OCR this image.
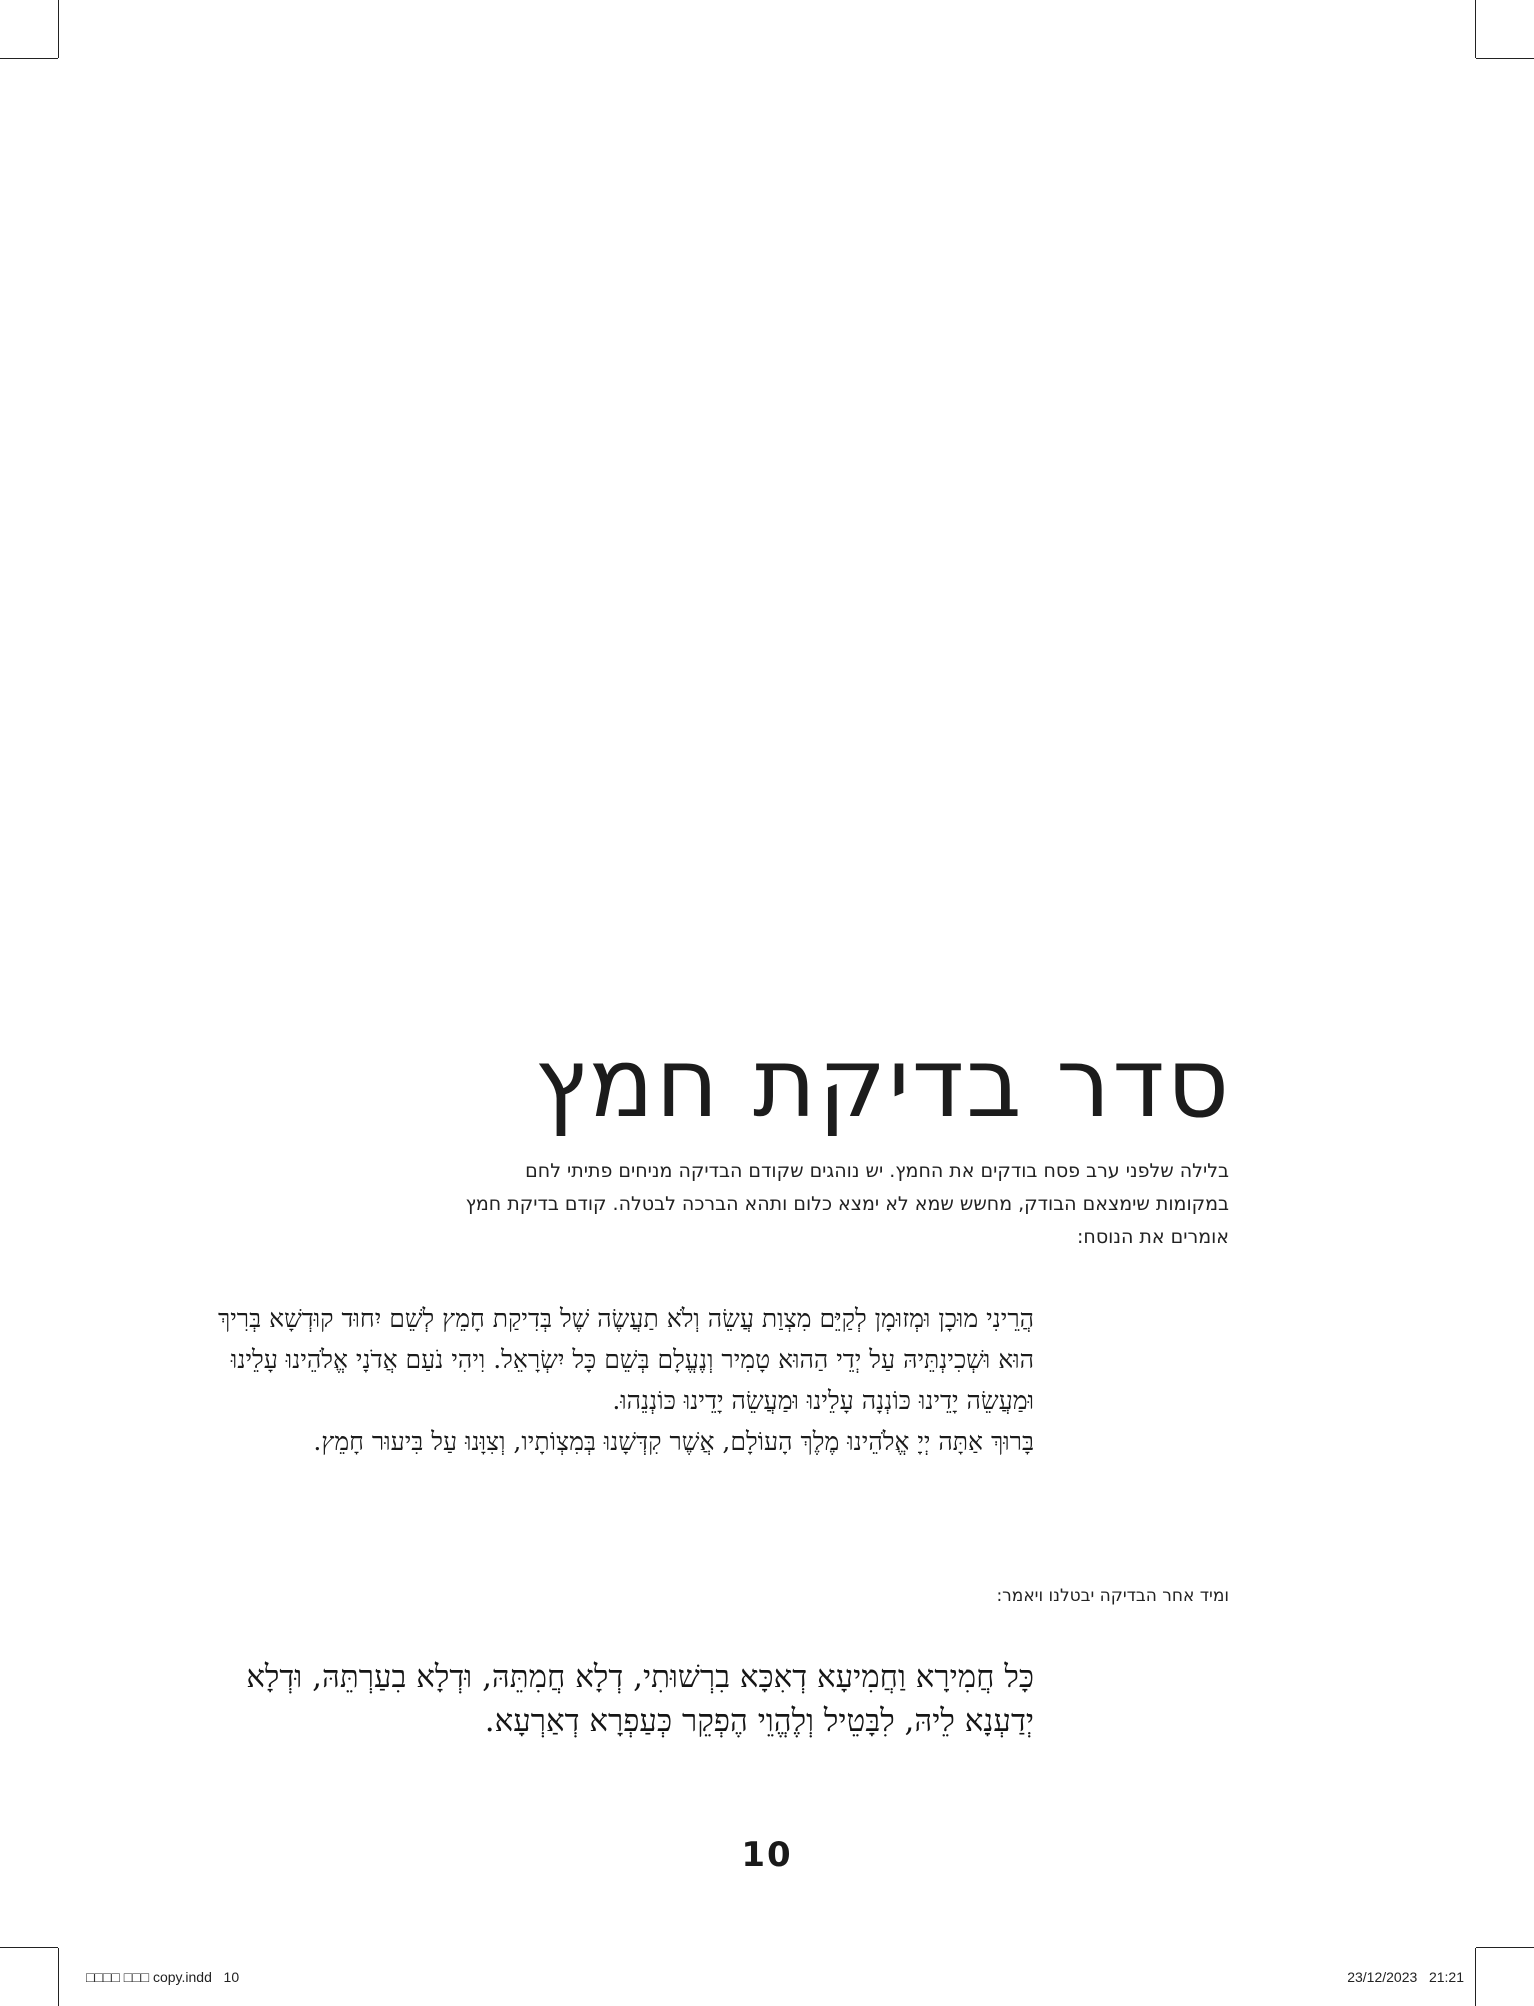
סדר בדיקת חמץ

בלילה שלפני ערב פסח בודקים את החמץ. יש נוהגים שקודם הבדיקה מניחים פתיתי לחם במקומות שימצאם הבודק, מחשש שמא לא ימצא כלום ותהא הברכה לבטלה. קודם בדיקת חמץ אומרים את הנוסח:

הֲרֵינִי מוּכָן וּמְזוּמָן לְקַיֵּם מִצְוַת עֲשֵׂה וְלֹא תַעֲשֶׂה שֶׁל בְּדִיקַת חָמֵץ לְשֵׁם יִחוּד קוּדְשָׁא בְּרִיךְ הוּא וּשְׁכִינְתֵּיהּ עַל יְדֵי הַהוּא טָמִיר וְנֶעֱלָם בְּשֵׁם כָּל יִשְׂרָאֵל. וִיהִי נֹעַם אֲדֹנָי אֱלֹהֵינוּ עָלֵינוּ וּמַעֲשֵׂה יָדֵינוּ כּוֹנְנָה עָלֵינוּ וּמַעֲשֵׂה יָדֵינוּ כּוֹנְנֵהוּ.

בָּרוּךְ אַתָּה יְיָ אֱלֹהֵינוּ מֶלֶךְ הָעוֹלָם, אֲשֶׁר קִדְּשָׁנוּ בְּמִצְוֹתָיו, וְצִוָּנוּ עַל בִּיעוּר חָמֵץ.

ומיד אחר הבדיקה יבטלנו ויאמר:

כָּל חֲמִירָא וַחֲמִיעָא דְאִכָּא בִרְשׁוּתִי, דְלָא חֲמִתֵּהּ, וּדְלָא בִעַרְתֵּהּ, וּדְלָא יְדַעְנָא לֵיהּ, לִבָּטֵיל וְלֶהֱוֵי הֶפְקֵר כְּעַפְרָא דְאַרְעָא.

10
□□□□ □□□ copy.indd   10	23/12/2023 21:21
